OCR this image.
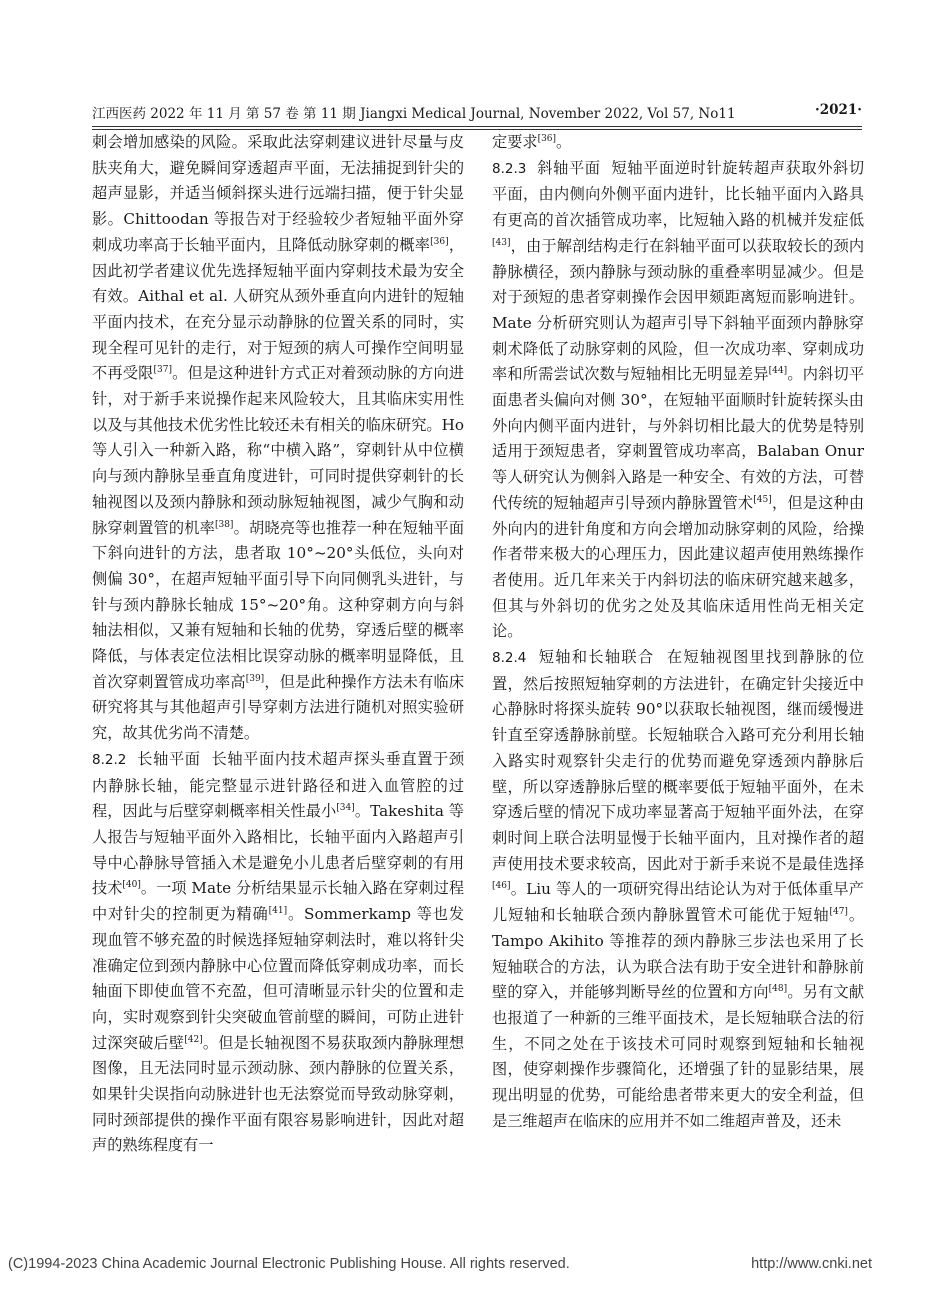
江西医药 2022 年 11 月 第 57 卷 第 11 期 Jiangxi Medical Journal, November 2022, Vol 57, No11	·2021·

刺会增加感染的风险。采取此法穿刺建议进针尽量与皮肤夹角大，避免瞬间穿透超声平面，无法捕捉到针尖的超声显影，并适当倾斜探头进行远端扫描，便于针尖显影。Chittoodan 等报告对于经验较少者短轴平面外穿刺成功率高于长轴平面内，且降低动脉穿刺的概率[36]，因此初学者建议优先选择短轴平面内穿刺技术最为安全有效。Aithal et al. 人研究从颈外垂直向内进针的短轴平面内技术，在充分显示动静脉的位置关系的同时，实现全程可见针的走行，对于短颈的病人可操作空间明显不再受限[37]。但是这种进针方式正对着颈动脉的方向进针，对于新手来说操作起来风险较大，且其临床实用性以及与其他技术优劣性比较还未有相关的临床研究。Ho 等人引入一种新入路，称“中横入路”，穿刺针从中位横向与颈内静脉呈垂直角度进针，可同时提供穿刺针的长轴视图以及颈内静脉和颈动脉短轴视图，减少气胸和动脉穿刺置管的机率[38]。胡晓亮等也推荐一种在短轴平面下斜向进针的方法，患者取 10°~20°头低位，头向对侧偏 30°，在超声短轴平面引导下向同侧乳头进针，与针与颈内静脉长轴成 15°~20°角。这种穿刺方向与斜轴法相似，又兼有短轴和长轴的优势，穿透后壁的概率降低，与体表定位法相比误穿动脉的概率明显降低，且首次穿刺置管成功率高[39]，但是此种操作方法未有临床研究将其与其他超声引导穿刺方法进行随机对照实验研究，故其优劣尚不清楚。

8.2.2 长轴平面 长轴平面内技术超声探头垂直置于颈内静脉长轴，能完整显示进针路径和进入血管腔的过程，因此与后壁穿刺概率相关性最小[34]。Takeshita 等人报告与短轴平面外入路相比，长轴平面内入路超声引导中心静脉导管插入术是避免小儿患者后壁穿刺的有用技术[40]。一项 Mate 分析结果显示长轴入路在穿刺过程中对针尖的控制更为精确[41]。Sommerkamp 等也发现血管不够充盈的时候选择短轴穿刺法时，难以将针尖准确定位到颈内静脉中心位置而降低穿刺成功率，而长轴面下即使血管不充盈，但可清晰显示针尖的位置和走向，实时观察到针尖突破血管前壁的瞬间，可防止进针过深突破后壁[42]。但是长轴视图不易获取颈内静脉理想图像，且无法同时显示颈动脉、颈内静脉的位置关系，如果针尖误指向动脉进针也无法察觉而导致动脉穿刺，同时颈部提供的操作平面有限容易影响进针，因此对超声的熟练程度有一

定要求[36]。

8.2.3 斜轴平面 短轴平面逆时针旋转超声获取外斜切平面，由内侧向外侧平面内进针，比长轴平面内入路具有更高的首次插管成功率，比短轴入路的机械并发症低[43]，由于解剖结构走行在斜轴平面可以获取较长的颈内静脉横径，颈内静脉与颈动脉的重叠率明显减少。但是对于颈短的患者穿刺操作会因甲颏距离短而影响进针。Mate 分析研究则认为超声引导下斜轴平面颈内静脉穿刺术降低了动脉穿刺的风险，但一次成功率、穿刺成功率和所需尝试次数与短轴相比无明显差异[44]。内斜切平面患者头偏向对侧 30°，在短轴平面顺时针旋转探头由外向内侧平面内进针，与外斜切相比最大的优势是特别适用于颈短患者，穿刺置管成功率高，Balaban Onur 等人研究认为侧斜入路是一种安全、有效的方法，可替代传统的短轴超声引导颈内静脉置管术[45]，但是这种由外向内的进针角度和方向会增加动脉穿刺的风险，给操作者带来极大的心理压力，因此建议超声使用熟练操作者使用。近几年来关于内斜切法的临床研究越来越多，但其与外斜切的优劣之处及其临床适用性尚无相关定论。

8.2.4 短轴和长轴联合 在短轴视图里找到静脉的位置，然后按照短轴穿刺的方法进针，在确定针尖接近中心静脉时将探头旋转 90°以获取长轴视图，继而缓慢进针直至穿透静脉前壁。长短轴联合入路可充分利用长轴入路实时观察针尖走行的优势而避免穿透颈内静脉后壁，所以穿透静脉后壁的概率要低于短轴平面外，在未穿透后壁的情况下成功率显著高于短轴平面外法，在穿刺时间上联合法明显慢于长轴平面内，且对操作者的超声使用技术要求较高，因此对于新手来说不是最佳选择[46]。Liu 等人的一项研究得出结论认为对于低体重早产儿短轴和长轴联合颈内静脉置管术可能优于短轴[47]。Tampo Akihito 等推荐的颈内静脉三步法也采用了长短轴联合的方法，认为联合法有助于安全进针和静脉前壁的穿入，并能够判断导丝的位置和方向[48]。另有文献也报道了一种新的三维平面技术，是长短轴联合法的衍生，不同之处在于该技术可同时观察到短轴和长轴视图，使穿刺操作步骤简化，还增强了针的显影结果，展现出明显的优势，可能给患者带来更大的安全利益，但是三维超声在临床的应用并不如二维超声普及，还未

(C)1994-2023 China Academic Journal Electronic Publishing House. All rights reserved.	http://www.cnki.net
